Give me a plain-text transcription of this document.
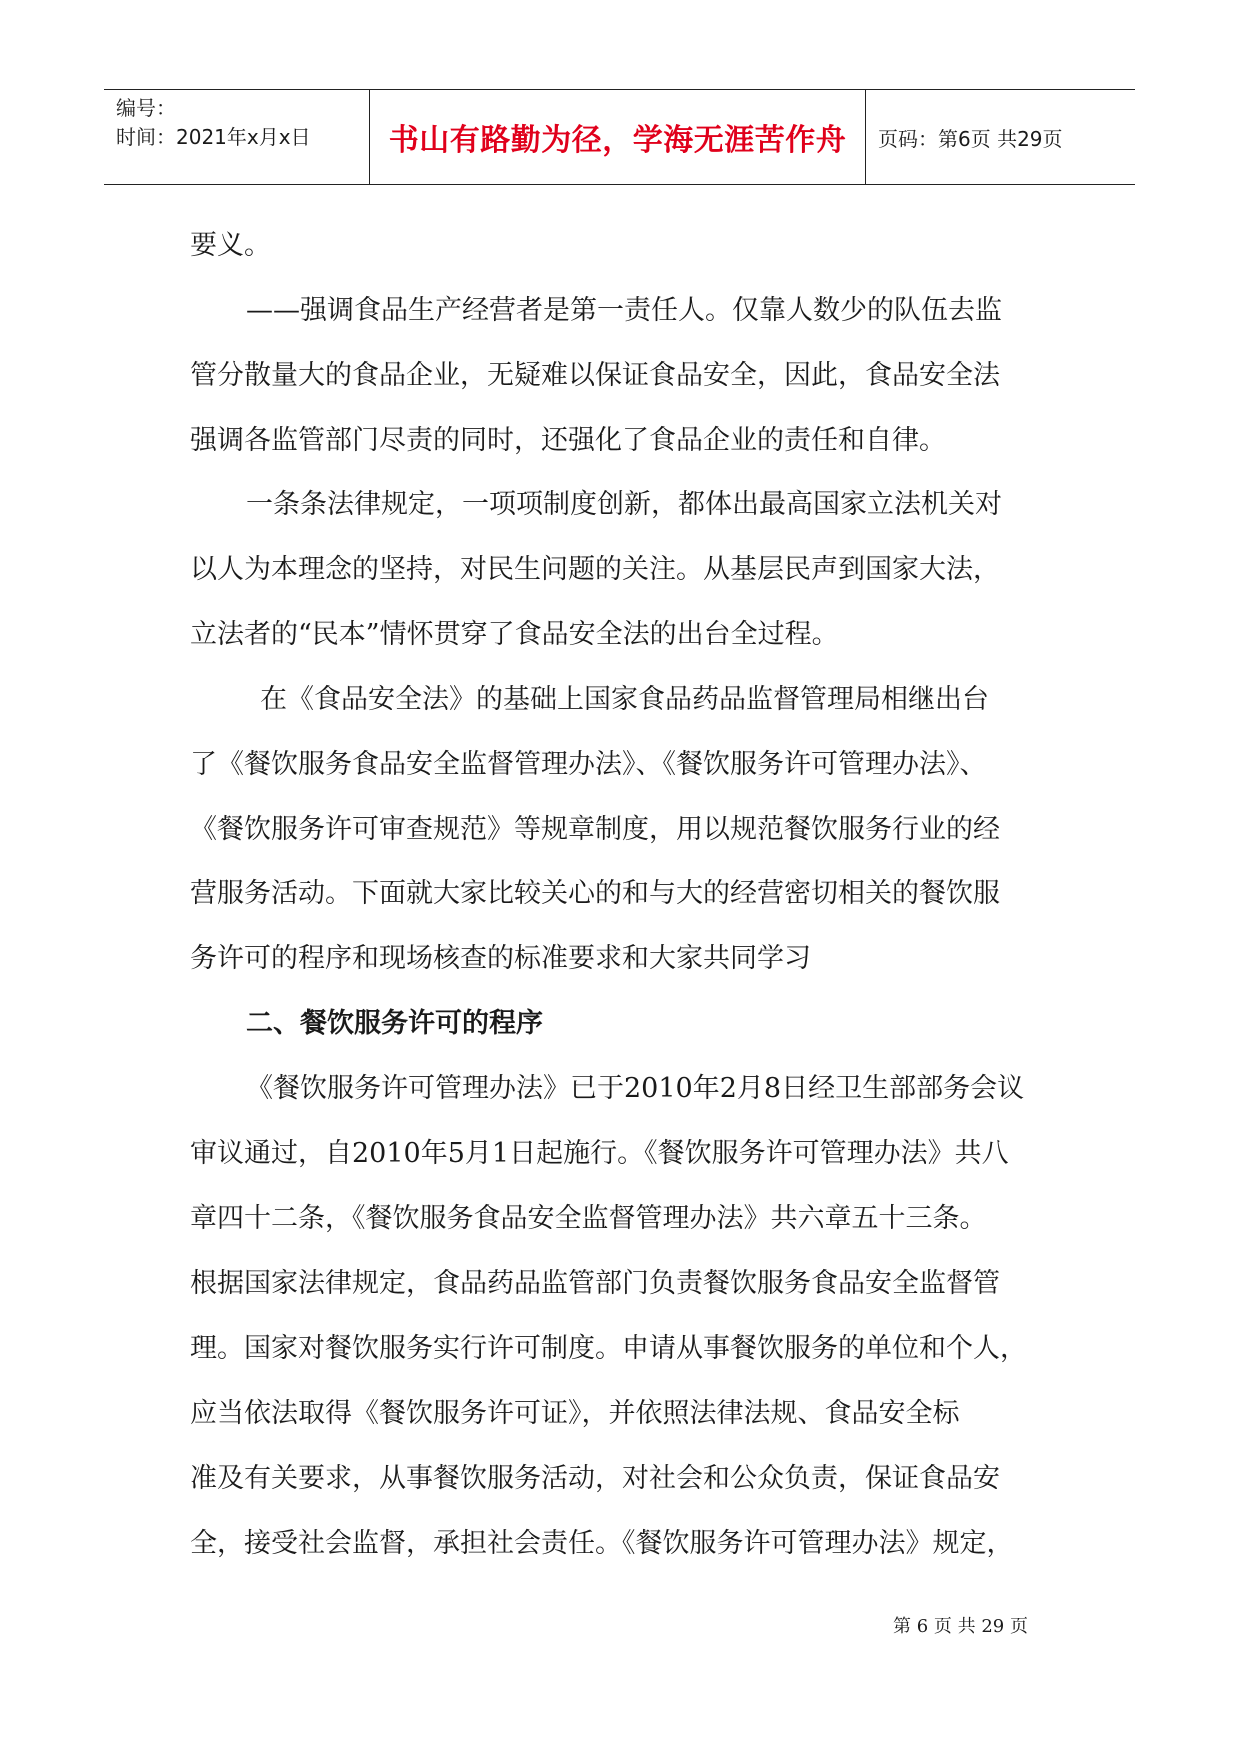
编号：
时间：2021年x月x日	书山有路勤为径，学海无涯苦作舟	页码：第6页 共29页
要义。
——强调食品生产经营者是第一责任人。仅靠人数少的队伍去监
管分散量大的食品企业，无疑难以保证食品安全，因此，食品安全法
强调各监管部门尽责的同时，还强化了食品企业的责任和自律。
一条条法律规定，一项项制度创新，都体出最高国家立法机关对
以人为本理念的坚持，对民生问题的关注。从基层民声到国家大法，
立法者的“民本”情怀贯穿了食品安全法的出台全过程。
在《食品安全法》的基础上国家食品药品监督管理局相继出台
了《餐饮服务食品安全监督管理办法》、《餐饮服务许可管理办法》、
《餐饮服务许可审查规范》等规章制度，用以规范餐饮服务行业的经
营服务活动。下面就大家比较关心的和与大的经营密切相关的餐饮服
务许可的程序和现场核查的标准要求和大家共同学习
二、餐饮服务许可的程序
《餐饮服务许可管理办法》已于2010年2月8日经卫生部部务会议
审议通过，自2010年5月1日起施行。《餐饮服务许可管理办法》共八
章四十二条，《餐饮服务食品安全监督管理办法》共六章五十三条。
根据国家法律规定，食品药品监管部门负责餐饮服务食品安全监督管
理。国家对餐饮服务实行许可制度。申请从事餐饮服务的单位和个人，
应当依法取得《餐饮服务许可证》，并依照法律法规、食品安全标
准及有关要求，从事餐饮服务活动，对社会和公众负责，保证食品安
全，接受社会监督，承担社会责任。《餐饮服务许可管理办法》规定，
第 6 页 共 29 页
